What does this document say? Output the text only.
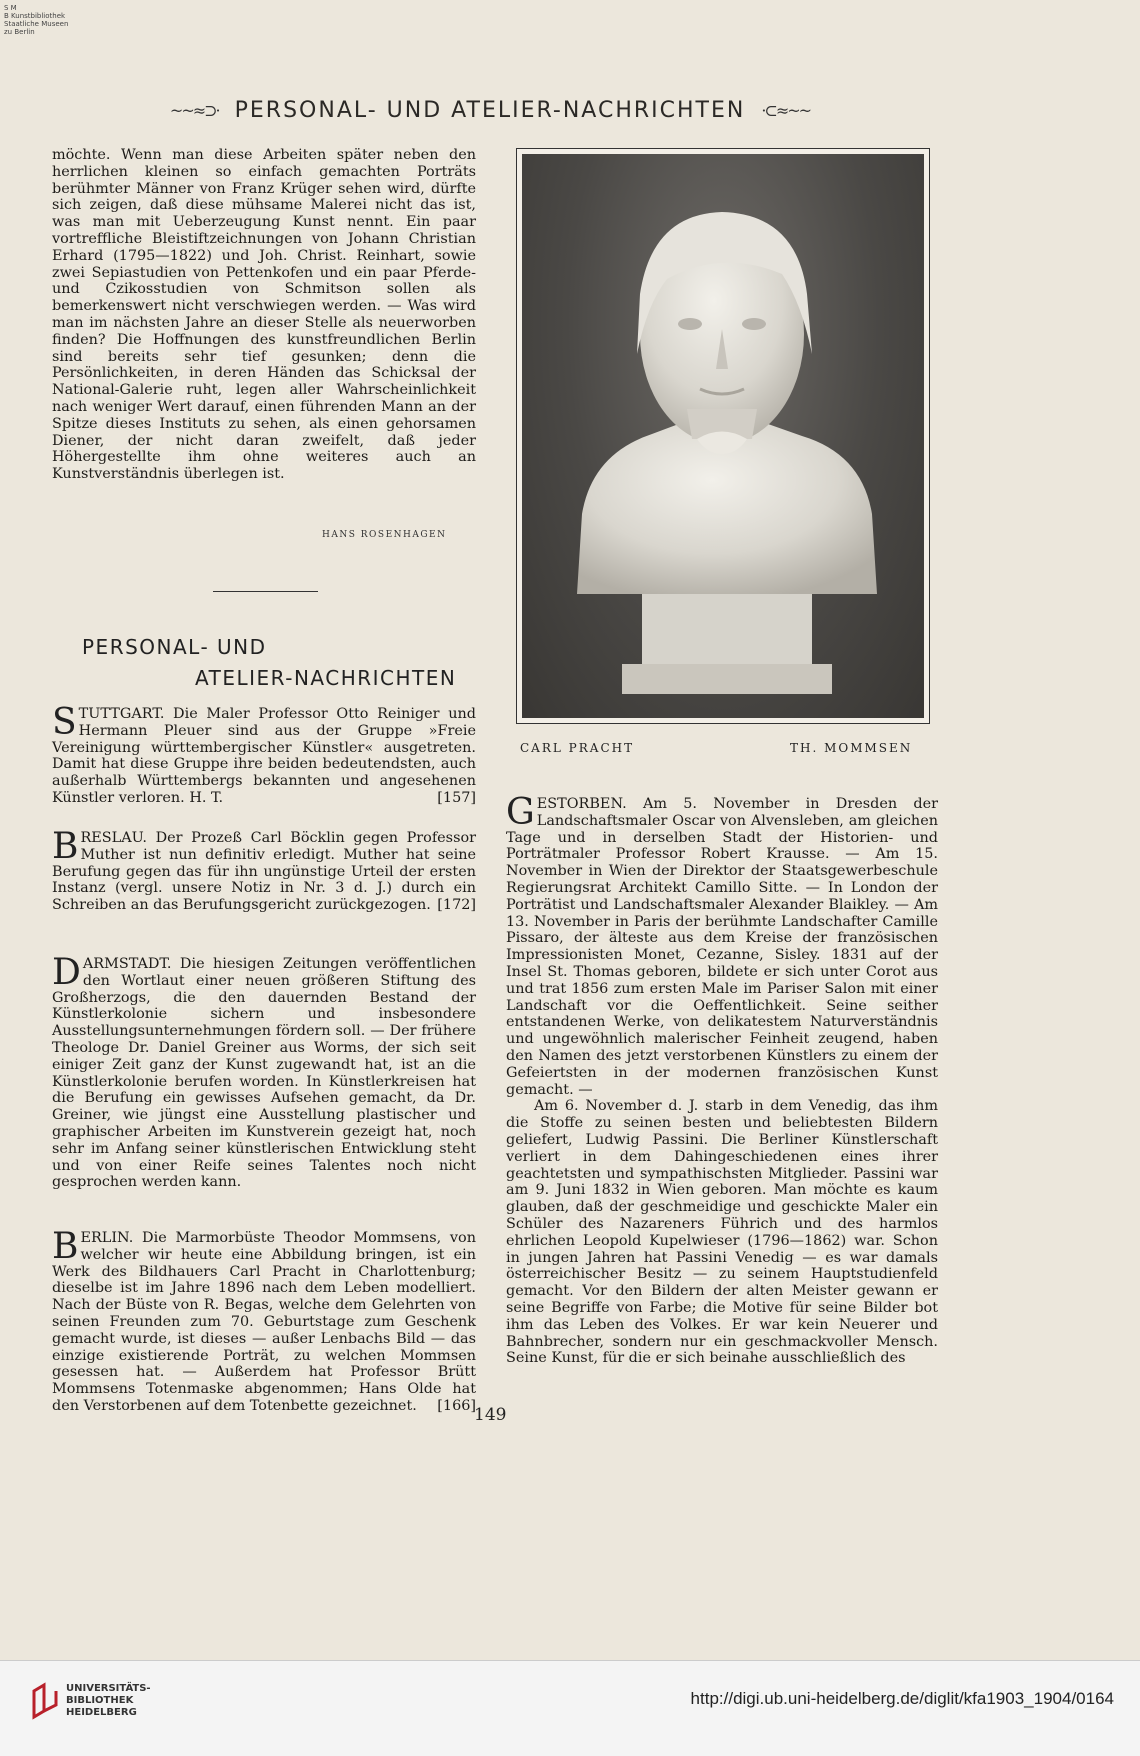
S M
B Kunstbibliothek
Staatliche Museen
zu Berlin
~~≈⊃· PERSONAL- UND ATELIER-NACHRICHTEN ·⊂≈~~

möchte. Wenn man diese Arbeiten später neben den herrlichen kleinen so einfach gemachten Porträts berühmter Männer von Franz Krüger sehen wird, dürfte sich zeigen, daß diese mühsame Malerei nicht das ist, was man mit Ueberzeugung Kunst nennt. Ein paar vortreffliche Bleistiftzeichnungen von Johann Christian Erhard (1795—1822) und Joh. Christ. Reinhart, sowie zwei Sepiastudien von Pettenkofen und ein paar Pferde- und Czikosstudien von Schmitson sollen als bemerkenswert nicht verschwiegen werden. — Was wird man im nächsten Jahre an dieser Stelle als neuerworben finden? Die Hoffnungen des kunstfreundlichen Berlin sind bereits sehr tief gesunken; denn die Persönlichkeiten, in deren Händen das Schicksal der National-Galerie ruht, legen aller Wahrscheinlichkeit nach weniger Wert darauf, einen führenden Mann an der Spitze dieses Instituts zu sehen, als einen gehorsamen Diener, der nicht daran zweifelt, daß jeder Höhergestellte ihm ohne weiteres auch an Kunstverständnis überlegen ist.

HANS ROSENHAGEN
PERSONAL- UND
ATELIER-NACHRICHTEN
S TUTTGART. Die Maler Professor Otto Reiniger und Hermann Pleuer sind aus der Gruppe »Freie Vereinigung württembergischer Künstler« ausgetreten. Damit hat diese Gruppe ihre beiden bedeutendsten, auch außerhalb Württembergs bekannten und angesehenen Künstler verloren. H. T.	[157]
B RESLAU. Der Prozeß Carl Böcklin gegen Professor Muther ist nun definitiv erledigt. Muther hat seine Berufung gegen das für ihn ungünstige Urteil der ersten Instanz (vergl. unsere Notiz in Nr. 3 d. J.) durch ein Schreiben an das Berufungsgericht zurückgezogen. [172]
D ARMSTADT. Die hiesigen Zeitungen veröffentlichen den Wortlaut einer neuen größeren Stiftung des Großherzogs, die den dauernden Bestand der Künstlerkolonie sichern und insbesondere Ausstellungsunternehmungen fördern soll. — Der frühere Theologe Dr. Daniel Greiner aus Worms, der sich seit einiger Zeit ganz der Kunst zugewandt hat, ist an die Künstlerkolonie berufen worden. In Künstlerkreisen hat die Berufung ein gewisses Aufsehen gemacht, da Dr. Greiner, wie jüngst eine Ausstellung plastischer und graphischer Arbeiten im Kunstverein gezeigt hat, noch sehr im Anfang seiner künstlerischen Entwicklung steht und von einer Reife seines Talentes noch nicht gesprochen werden kann.
B ERLIN. Die Marmorbüste Theodor Mommsens, von welcher wir heute eine Abbildung bringen, ist ein Werk des Bildhauers Carl Pracht in Charlottenburg; dieselbe ist im Jahre 1896 nach dem Leben modelliert. Nach der Büste von R. Begas, welche dem Gelehrten von seinen Freunden zum 70. Geburtstage zum Geschenk gemacht wurde, ist dieses — außer Lenbachs Bild — das einzige existierende Porträt, zu welchen Mommsen gesessen hat. — Außerdem hat Professor Brütt Mommsens Totenmaske abgenommen; Hans Olde hat den Verstorbenen auf dem Totenbette gezeichnet. [166]
CARL PRACHT	TH. MOMMSEN

G ESTORBEN. Am 5. November in Dresden der Landschaftsmaler Oscar von Alvensleben, am gleichen Tage und in derselben Stadt der Historien- und Porträtmaler Professor Robert Krausse. — Am 15. November in Wien der Direktor der Staatsgewerbeschule Regierungsrat Architekt Camillo Sitte. — In London der Porträtist und Landschaftsmaler Alexander Blaikley. — Am 13. November in Paris der berühmte Landschafter Camille Pissaro, der älteste aus dem Kreise der französischen Impressionisten Monet, Cezanne, Sisley. 1831 auf der Insel St. Thomas geboren, bildete er sich unter Corot aus und trat 1856 zum ersten Male im Pariser Salon mit einer Landschaft vor die Oeffentlichkeit. Seine seither entstandenen Werke, von delikatestem Naturverständnis und ungewöhnlich malerischer Feinheit zeugend, haben den Namen des jetzt verstorbenen Künstlers zu einem der Gefeiertsten in der modernen französischen Kunst gemacht. —

Am 6. November d. J. starb in dem Venedig, das ihm die Stoffe zu seinen besten und beliebtesten Bildern geliefert, Ludwig Passini. Die Berliner Künstlerschaft verliert in dem Dahingeschiedenen eines ihrer geachtetsten und sympathischsten Mitglieder. Passini war am 9. Juni 1832 in Wien geboren. Man möchte es kaum glauben, daß der geschmeidige und geschickte Maler ein Schüler des Nazareners Führich und des harmlos ehrlichen Leopold Kupelwieser (1796—1862) war. Schon in jungen Jahren hat Passini Venedig — es war damals österreichischer Besitz — zu seinem Hauptstudienfeld gemacht. Vor den Bildern der alten Meister gewann er seine Begriffe von Farbe; die Motive für seine Bilder bot ihm das Leben des Volkes. Er war kein Neuerer und Bahnbrecher, sondern nur ein geschmackvoller Mensch. Seine Kunst, für die er sich beinahe ausschließlich des

149
UNIVERSITÄTS-
BIBLIOTHEK
HEIDELBERG
http://digi.ub.uni-heidelberg.de/diglit/kfa1903_1904/0164
